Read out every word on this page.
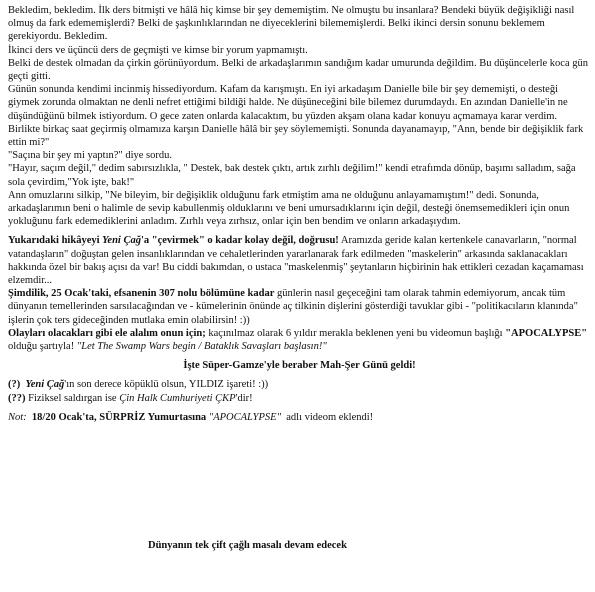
Bekledim, bekledim. İlk ders bitmişti ve hâlâ hiç kimse bir şey dememiştim. Ne olmuştu bu insanlara? Bendeki büyük değişikliği nasıl olmuş da fark edememişlerdi? Belki de şaşkınlıklarından ne diyeceklerini bilememişlerdi. Belki ikinci dersin sonunu beklemem gerekiyordu. Bekledim.

İkinci ders ve üçüncü ders de geçmişti ve kimse bir yorum yapmamıştı.

Belki de destek olmadan da çirkin görünüyordum. Belki de arkadaşlarımın sandığım kadar umurunda değildim. Bu düşüncelerle koca gün geçti gitti.

Günün sonunda kendimi incinmiş hissediyordum. Kafam da karışmıştı. En iyi arkadaşım Danielle bile bir şey dememişti, o desteği giymek zorunda olmaktan ne denli nefret ettiğimi bildiği halde. Ne düşüneceğini bile bilemez durumdaydı. En azından Danielle'in ne düşündüğünü bilmek istiyordum. O gece zaten onlarda kalacaktım, bu yüzden akşam olana kadar konuyu açmamaya karar verdim.

Birlikte birkaç saat geçirmiş olmamıza karşın Danielle hâlâ bir şey söylememişti. Sonunda dayanamayıp, "Ann, bende bir değişiklik fark ettin mi?"

"Saçına bir şey mi yaptın?" diye sordu.

"Hayır, saçım değil," dedim sabırsızlıkla, " Destek, bak destek çıktı, artık zırhlı değilim!" kendi etrafımda dönüp, başımı salladım, sağa sola çevirdim,"Yok işte, bak!"

Ann omuzlarını silkip, "Ne bileyim, bir değişiklik olduğunu fark etmiştim ama ne olduğunu anlayamamıştım!" dedi. Sonunda, arkadaşlarımın beni o halimle de sevip kabullenmiş olduklarını ve beni umursadıklarını için değil, desteği önemsemedikleri için onun yokluğunu fark edemediklerini anladım. Zırhlı veya zırhsız, onlar için ben bendim ve onların arkadaşıydım.

Yukarıdaki hikâyeyi Yeni Çağ'a "çevirmek" o kadar kolay değil, doğrusu! Aramızda geride kalan kertenkele canavarların, "normal vatandaşların" doğuştan gelen insanlıklarından ve cehaletlerinden yararlanarak fark edilmeden "maskelerin" arkasında saklanacakları hakkında özel bir bakış açısı da var! Bu ciddi bakımdan, o ustaca "maskelenmiş" şeytanların hiçbirinin hak ettikleri cezadan kaçamaması elzemdir...

Şimdilik, 25 Ocak'taki, efsanenin 307 nolu bölümüne kadar günlerin nasıl geçeceğini tam olarak tahmin edemiyorum, ancak tüm dünyanın temellerinden sarsılacağından ve - kümelerinin önünde aç tilkinin dişlerini gösterdiği tavuklar gibi - "politikacıların klanında" işlerin çok ters gideceğinden mutlaka emin olabilirsin! :))

Olayları olacakları gibi ele alalım onun için; kaçınılmaz olarak 6 yıldır merakla beklenen yeni bu videomun başlığı "APOCALYPSE" olduğu şartıyla! "Let The Swamp Wars begin / Bataklık Savaşları başlasın!"

İşte Süper-Gamze'yle beraber Mah-Şer Günü geldi!

(?) Yeni Çağ'ın son derece köpüklü olsun, YILDIZ işareti! :))

(??) Fiziksel saldırgan ise Çin Halk Cumhuriyeti ÇKP'dir!

Not: 18/20 Ocak'ta, SÜRPRİZ Yumurtasına "APOCALYPSE" adlı videom eklendi!

Dünyanın tek çift çağlı masalı devam edecek
